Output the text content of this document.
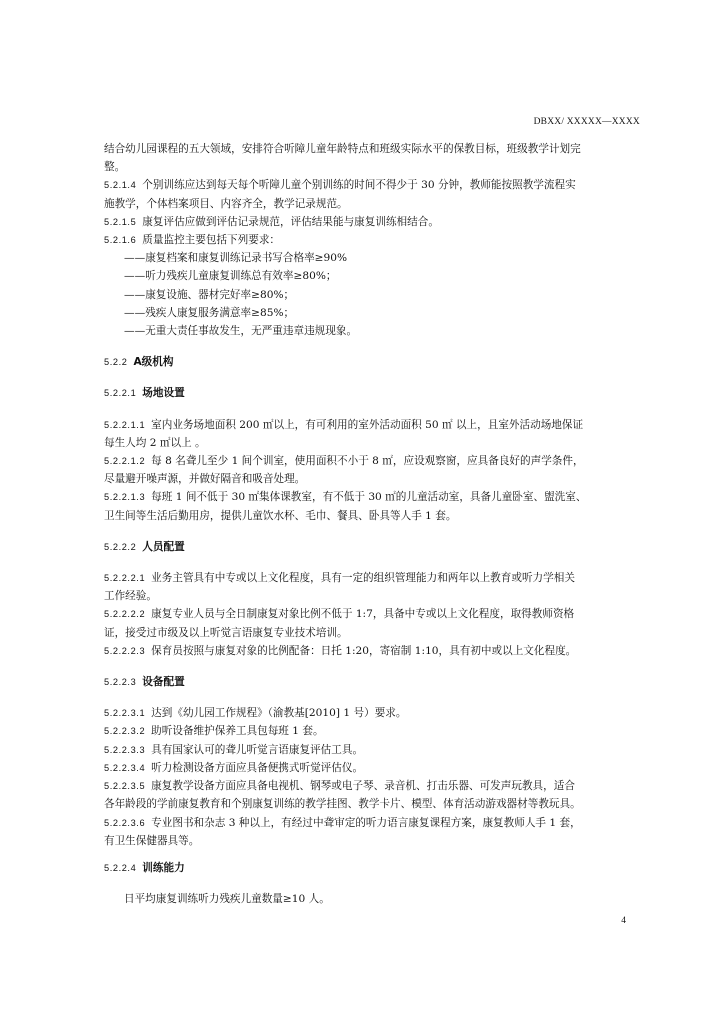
DBXX/ XXXXX—XXXX

结合幼儿园课程的五大领域，安排符合听障儿童年龄特点和班级实际水平的保教目标，班级教学计划完

整。

5.2.1.4 个别训练应达到每天每个听障儿童个别训练的时间不得少于 30 分钟，教师能按照教学流程实

施教学，个体档案项目、内容齐全，教学记录规范。

5.2.1.5 康复评估应做到评估记录规范，评估结果能与康复训练相结合。

5.2.1.6 质量监控主要包括下列要求：

——康复档案和康复训练记录书写合格率≥90%

——听力残疾儿童康复训练总有效率≥80%；

——康复设施、器材完好率≥80%；

——残疾人康复服务满意率≥85%；

——无重大责任事故发生，无严重违章违规现象。

5.2.2 A级机构

5.2.2.1 场地设置

5.2.2.1.1 室内业务场地面积 200 ㎡以上，有可利用的室外活动面积 50 ㎡ 以上，且室外活动场地保证

每生人均 2 ㎡以上 。

5.2.2.1.2 每 8 名聋儿至少 1 间个训室，使用面积不小于 8 ㎡，应设观察窗，应具备良好的声学条件，

尽量避开噪声源，并做好隔音和吸音处理。

5.2.2.1.3 每班 1 间不低于 30 ㎡集体课教室，有不低于 30 ㎡的儿童活动室，具备儿童卧室、盥洗室、

卫生间等生活后勤用房，提供儿童饮水杯、毛巾、餐具、卧具等人手 1 套。

5.2.2.2 人员配置

5.2.2.2.1 业务主管具有中专或以上文化程度，具有一定的组织管理能力和两年以上教育或听力学相关

工作经验。

5.2.2.2.2 康复专业人员与全日制康复对象比例不低于 1:7，具备中专或以上文化程度，取得教师资格

证，接受过市级及以上听觉言语康复专业技术培训。

5.2.2.2.3 保育员按照与康复对象的比例配备：日托 1:20，寄宿制 1:10，具有初中或以上文化程度。

5.2.2.3 设备配置

5.2.2.3.1 达到《幼儿园工作规程》（渝教基[2010] 1 号）要求。

5.2.2.3.2 助听设备维护保养工具包每班 1 套。

5.2.2.3.3 具有国家认可的聋儿听觉言语康复评估工具。

5.2.2.3.4 听力检测设备方面应具备便携式听觉评估仪。

5.2.2.3.5 康复教学设备方面应具备电视机、钢琴或电子琴、录音机、打击乐器、可发声玩教具，适合

各年龄段的学前康复教育和个别康复训练的教学挂图、教学卡片、模型、体育活动游戏器材等教玩具。

5.2.2.3.6 专业图书和杂志 3 种以上，有经过中聋审定的听力语言康复课程方案，康复教师人手 1 套，

有卫生保健器具等。

5.2.2.4 训练能力

日平均康复训练听力残疾儿童数量≥10 人。

4
